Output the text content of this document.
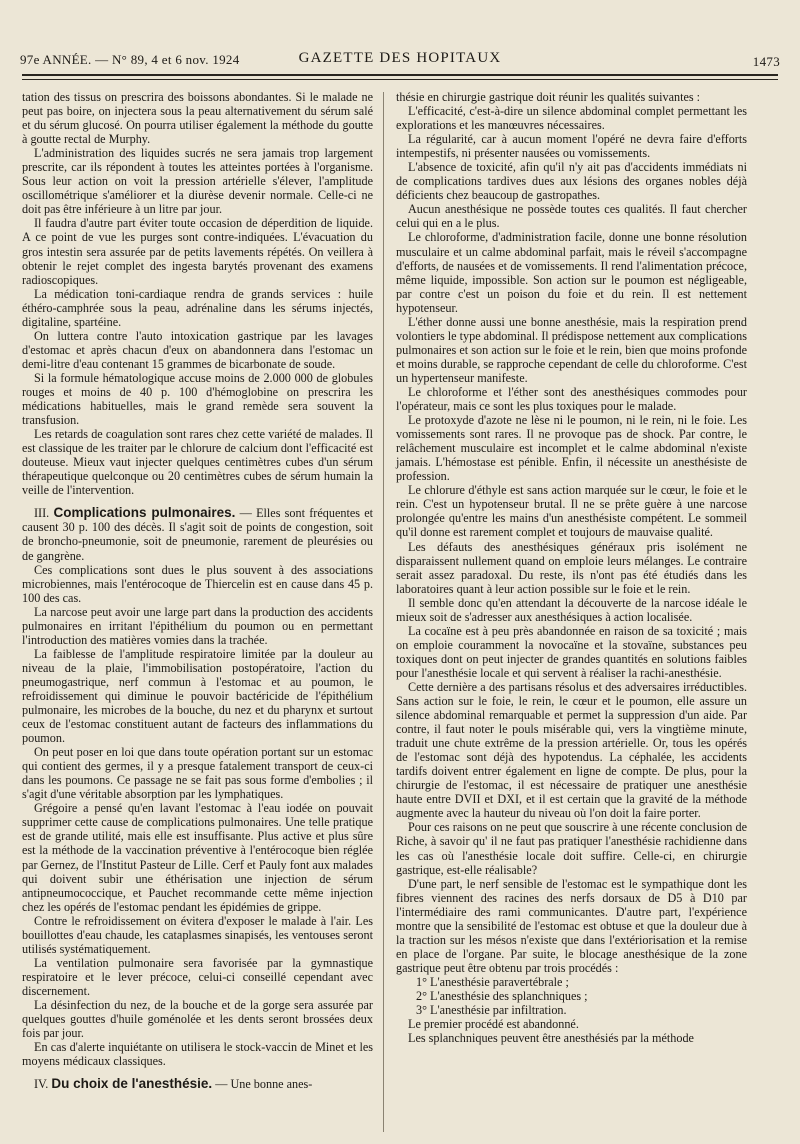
97e ANNÉE. — N° 89, 4 et 6 nov. 1924	GAZETTE DES HOPITAUX	1473

tation des tissus on prescrira des boissons abondantes. Si le malade ne peut pas boire, on injectera sous la peau alternativement du sérum salé et du sérum glucosé. On pourra utiliser également la méthode du goutte à goutte rectal de Murphy.

L'administration des liquides sucrés ne sera jamais trop largement prescrite, car ils répondent à toutes les atteintes portées à l'organisme. Sous leur action on voit la pression artérielle s'élever, l'amplitude oscillométrique s'améliorer et la diurèse devenir normale. Celle-ci ne doit pas être inférieure à un litre par jour.

Il faudra d'autre part éviter toute occasion de déperdition de liquide. A ce point de vue les purges sont contre-indiquées. L'évacuation du gros intestin sera assurée par de petits lavements répétés. On veillera à obtenir le rejet complet des ingesta barytés provenant des examens radioscopiques.

La médication toni-cardiaque rendra de grands services : huile éthéro-camphrée sous la peau, adrénaline dans les sérums injectés, digitaline, spartéine.

On luttera contre l'auto intoxication gastrique par les lavages d'estomac et après chacun d'eux on abandonnera dans l'estomac un demi-litre d'eau contenant 15 grammes de bicarbonate de soude.

Si la formule hématologique accuse moins de 2.000 000 de globules rouges et moins de 40 p. 100 d'hémoglobine on prescrira les médications habituelles, mais le grand remède sera souvent la transfusion.

Les retards de coagulation sont rares chez cette variété de malades. Il est classique de les traiter par le chlorure de calcium dont l'efficacité est douteuse. Mieux vaut injecter quelques centimètres cubes d'un sérum thérapeutique quelconque ou 20 centimètres cubes de sérum humain la veille de l'intervention.

III. Complications pulmonaires. — Elles sont fréquentes et causent 30 p. 100 des décès. Il s'agit soit de points de congestion, soit de broncho-pneumonie, soit de pneumonie, rarement de pleurésies ou de gangrène.

Ces complications sont dues le plus souvent à des associations microbiennes, mais l'entérocoque de Thiercelin est en cause dans 45 p. 100 des cas.

La narcose peut avoir une large part dans la production des accidents pulmonaires en irritant l'épithélium du poumon ou en permettant l'introduction des matières vomies dans la trachée.

La faiblesse de l'amplitude respiratoire limitée par la douleur au niveau de la plaie, l'immobilisation postopératoire, l'action du pneumogastrique, nerf commun à l'estomac et au poumon, le refroidissement qui diminue le pouvoir bactéricide de l'épithélium pulmonaire, les microbes de la bouche, du nez et du pharynx et surtout ceux de l'estomac constituent autant de facteurs des inflammations du poumon.

On peut poser en loi que dans toute opération portant sur un estomac qui contient des germes, il y a presque fatalement transport de ceux-ci dans les poumons. Ce passage ne se fait pas sous forme d'embolies ; il s'agit d'une véritable absorption par les lymphatiques.

Grégoire a pensé qu'en lavant l'estomac à l'eau iodée on pouvait supprimer cette cause de complications pulmonaires. Une telle pratique est de grande utilité, mais elle est insuffisante. Plus active et plus sûre est la méthode de la vaccination préventive à l'entérocoque bien réglée par Gernez, de l'Institut Pasteur de Lille. Cerf et Pauly font aux malades qui doivent subir une éthérisation une injection de sérum antipneumococcique, et Pauchet recommande cette même injection chez les opérés de l'estomac pendant les épidémies de grippe.

Contre le refroidissement on évitera d'exposer le malade à l'air. Les bouillottes d'eau chaude, les cataplasmes sinapisés, les ventouses seront utilisés systématiquement.

La ventilation pulmonaire sera favorisée par la gymnastique respiratoire et le lever précoce, celui-ci conseillé cependant avec discernement.

La désinfection du nez, de la bouche et de la gorge sera assurée par quelques gouttes d'huile goménolée et les dents seront brossées deux fois par jour.

En cas d'alerte inquiétante on utilisera le stock-vaccin de Minet et les moyens médicaux classiques.

IV. Du choix de l'anesthésie. — Une bonne anes-

thésie en chirurgie gastrique doit réunir les qualités suivantes :

L'efficacité, c'est-à-dire un silence abdominal complet permettant les explorations et les manœuvres nécessaires.

La régularité, car à aucun moment l'opéré ne devra faire d'efforts intempestifs, ni présenter nausées ou vomissements.

L'absence de toxicité, afin qu'il n'y ait pas d'accidents immédiats ni de complications tardives dues aux lésions des organes nobles déjà déficients chez beaucoup de gastropathes.

Aucun anesthésique ne possède toutes ces qualités. Il faut chercher celui qui en a le plus.

Le chloroforme, d'administration facile, donne une bonne résolution musculaire et un calme abdominal parfait, mais le réveil s'accompagne d'efforts, de nausées et de vomissements. Il rend l'alimentation précoce, même liquide, impossible. Son action sur le poumon est négligeable, par contre c'est un poison du foie et du rein. Il est nettement hypotenseur.

L'éther donne aussi une bonne anesthésie, mais la respiration prend volontiers le type abdominal. Il prédispose nettement aux complications pulmonaires et son action sur le foie et le rein, bien que moins profonde et moins durable, se rapproche cependant de celle du chloroforme. C'est un hypertenseur manifeste.

Le chloroforme et l'éther sont des anesthésiques commodes pour l'opérateur, mais ce sont les plus toxiques pour le malade.

Le protoxyde d'azote ne lèse ni le poumon, ni le rein, ni le foie. Les vomissements sont rares. Il ne provoque pas de shock. Par contre, le relâchement musculaire est incomplet et le calme abdominal n'existe jamais. L'hémostase est pénible. Enfin, il nécessite un anesthésiste de profession.

Le chlorure d'éthyle est sans action marquée sur le cœur, le foie et le rein. C'est un hypotenseur brutal. Il ne se prête guère à une narcose prolongée qu'entre les mains d'un anesthésiste compétent. Le sommeil qu'il donne est rarement complet et toujours de mauvaise qualité.

Les défauts des anesthésiques généraux pris isolément ne disparaissent nullement quand on emploie leurs mélanges. Le contraire serait assez paradoxal. Du reste, ils n'ont pas été étudiés dans les laboratoires quant à leur action possible sur le foie et le rein.

Il semble donc qu'en attendant la découverte de la narcose idéale le mieux soit de s'adresser aux anesthésiques à action localisée.

La cocaïne est à peu près abandonnée en raison de sa toxicité ; mais on emploie couramment la novocaïne et la stovaïne, substances peu toxiques dont on peut injecter de grandes quantités en solutions faibles pour l'anesthésie locale et qui servent à réaliser la rachi-anesthésie.

Cette dernière a des partisans résolus et des adversaires irréductibles. Sans action sur le foie, le rein, le cœur et le poumon, elle assure un silence abdominal remarquable et permet la suppression d'un aide. Par contre, il faut noter le pouls misérable qui, vers la vingtième minute, traduit une chute extrême de la pression artérielle. Or, tous les opérés de l'estomac sont déjà des hypotendus. La céphalée, les accidents tardifs doivent entrer également en ligne de compte. De plus, pour la chirurgie de l'estomac, il est nécessaire de pratiquer une anesthésie haute entre DVII et DXI, et il est certain que la gravité de la méthode augmente avec la hauteur du niveau où l'on doit la faire porter.

Pour ces raisons on ne peut que souscrire à une récente conclusion de Riche, à savoir qu' il ne faut pas pratiquer l'anesthésie rachidienne dans les cas où l'anesthésie locale doit suffire. Celle-ci, en chirurgie gastrique, est-elle réalisable?

D'une part, le nerf sensible de l'estomac est le sympathique dont les fibres viennent des racines des nerfs dorsaux de D5 à D10 par l'intermédiaire des rami communicantes. D'autre part, l'expérience montre que la sensibilité de l'estomac est obtuse et que la douleur due à la traction sur les mésos n'existe que dans l'extériorisation et la remise en place de l'organe. Par suite, le blocage anesthésique de la zone gastrique peut être obtenu par trois procédés :

1° L'anesthésie paravertébrale ;

2° L'anesthésie des splanchniques ;

3° L'anesthésie par infiltration.

Le premier procédé est abandonné.

Les splanchniques peuvent être anesthésiés par la méthode
